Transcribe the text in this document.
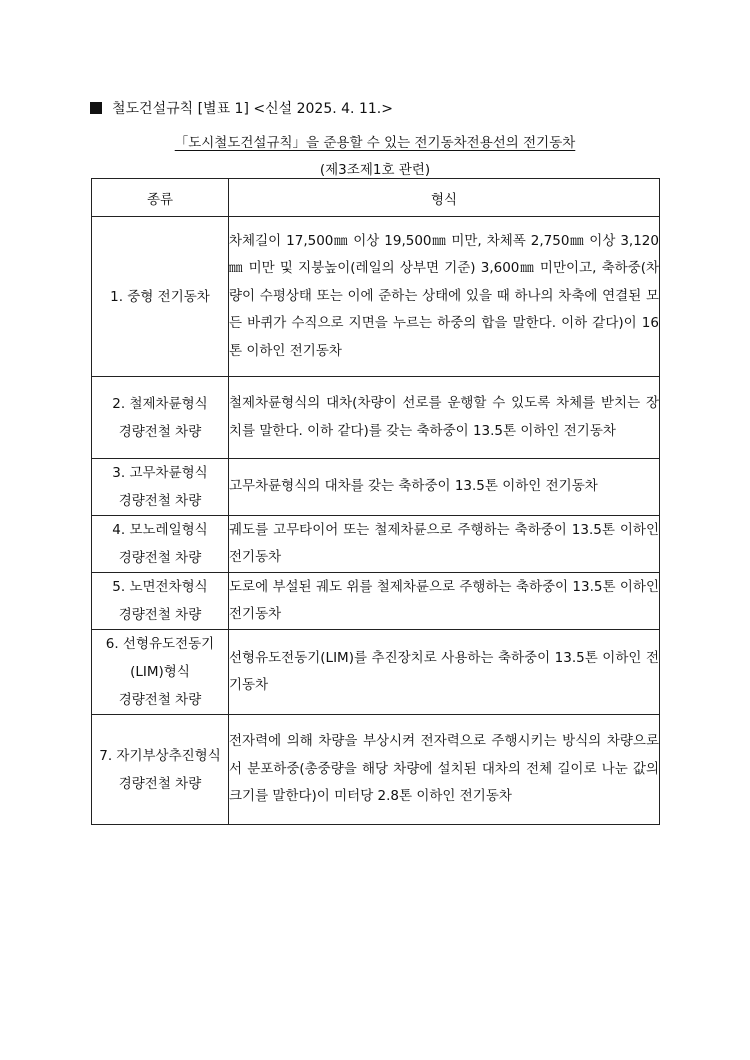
철도건설규칙 [별표 1] <신설 2025. 4. 11.>
「도시철도건설규칙」을 준용할 수 있는 전기동차전용선의 전기동차
(제3조제1호 관련)
종류	형식

1. 중형 전기동차	차체길이 17,500㎜ 이상 19,500㎜ 미만, 차체폭 2,750㎜ 이상 3,120㎜ 미만 및 지붕높이(레일의 상부면 기준) 3,600㎜ 미만이고, 축하중(차량이 수평상태 또는 이에 준하는 상태에 있을 때 하나의 차축에 연결된 모든 바퀴가 수직으로 지면을 누르는 하중의 합을 말한다. 이하 같다)이 16톤 이하인 전기동차

2. 철제차륜형식
경량전철 차량	철제차륜형식의 대차(차량이 선로를 운행할 수 있도록 차체를 받치는 장치를 말한다. 이하 같다)를 갖는 축하중이 13.5톤 이하인 전기동차

3. 고무차륜형식
경량전철 차량	고무차륜형식의 대차를 갖는 축하중이 13.5톤 이하인 전기동차

4. 모노레일형식
경량전철 차량	궤도를 고무타이어 또는 철제차륜으로 주행하는 축하중이 13.5톤 이하인 전기동차

5. 노면전차형식
경량전철 차량	도로에 부설된 궤도 위를 철제차륜으로 주행하는 축하중이 13.5톤 이하인 전기동차

6. 선형유도전동기
(LIM)형식
경량전철 차량	선형유도전동기(LIM)를 추진장치로 사용하는 축하중이 13.5톤 이하인 전기동차

7. 자기부상추진형식
경량전철 차량	전자력에 의해 차량을 부상시켜 전자력으로 주행시키는 방식의 차량으로서 분포하중(총중량을 해당 차량에 설치된 대차의 전체 길이로 나눈 값의 크기를 말한다)이 미터당 2.8톤 이하인 전기동차
